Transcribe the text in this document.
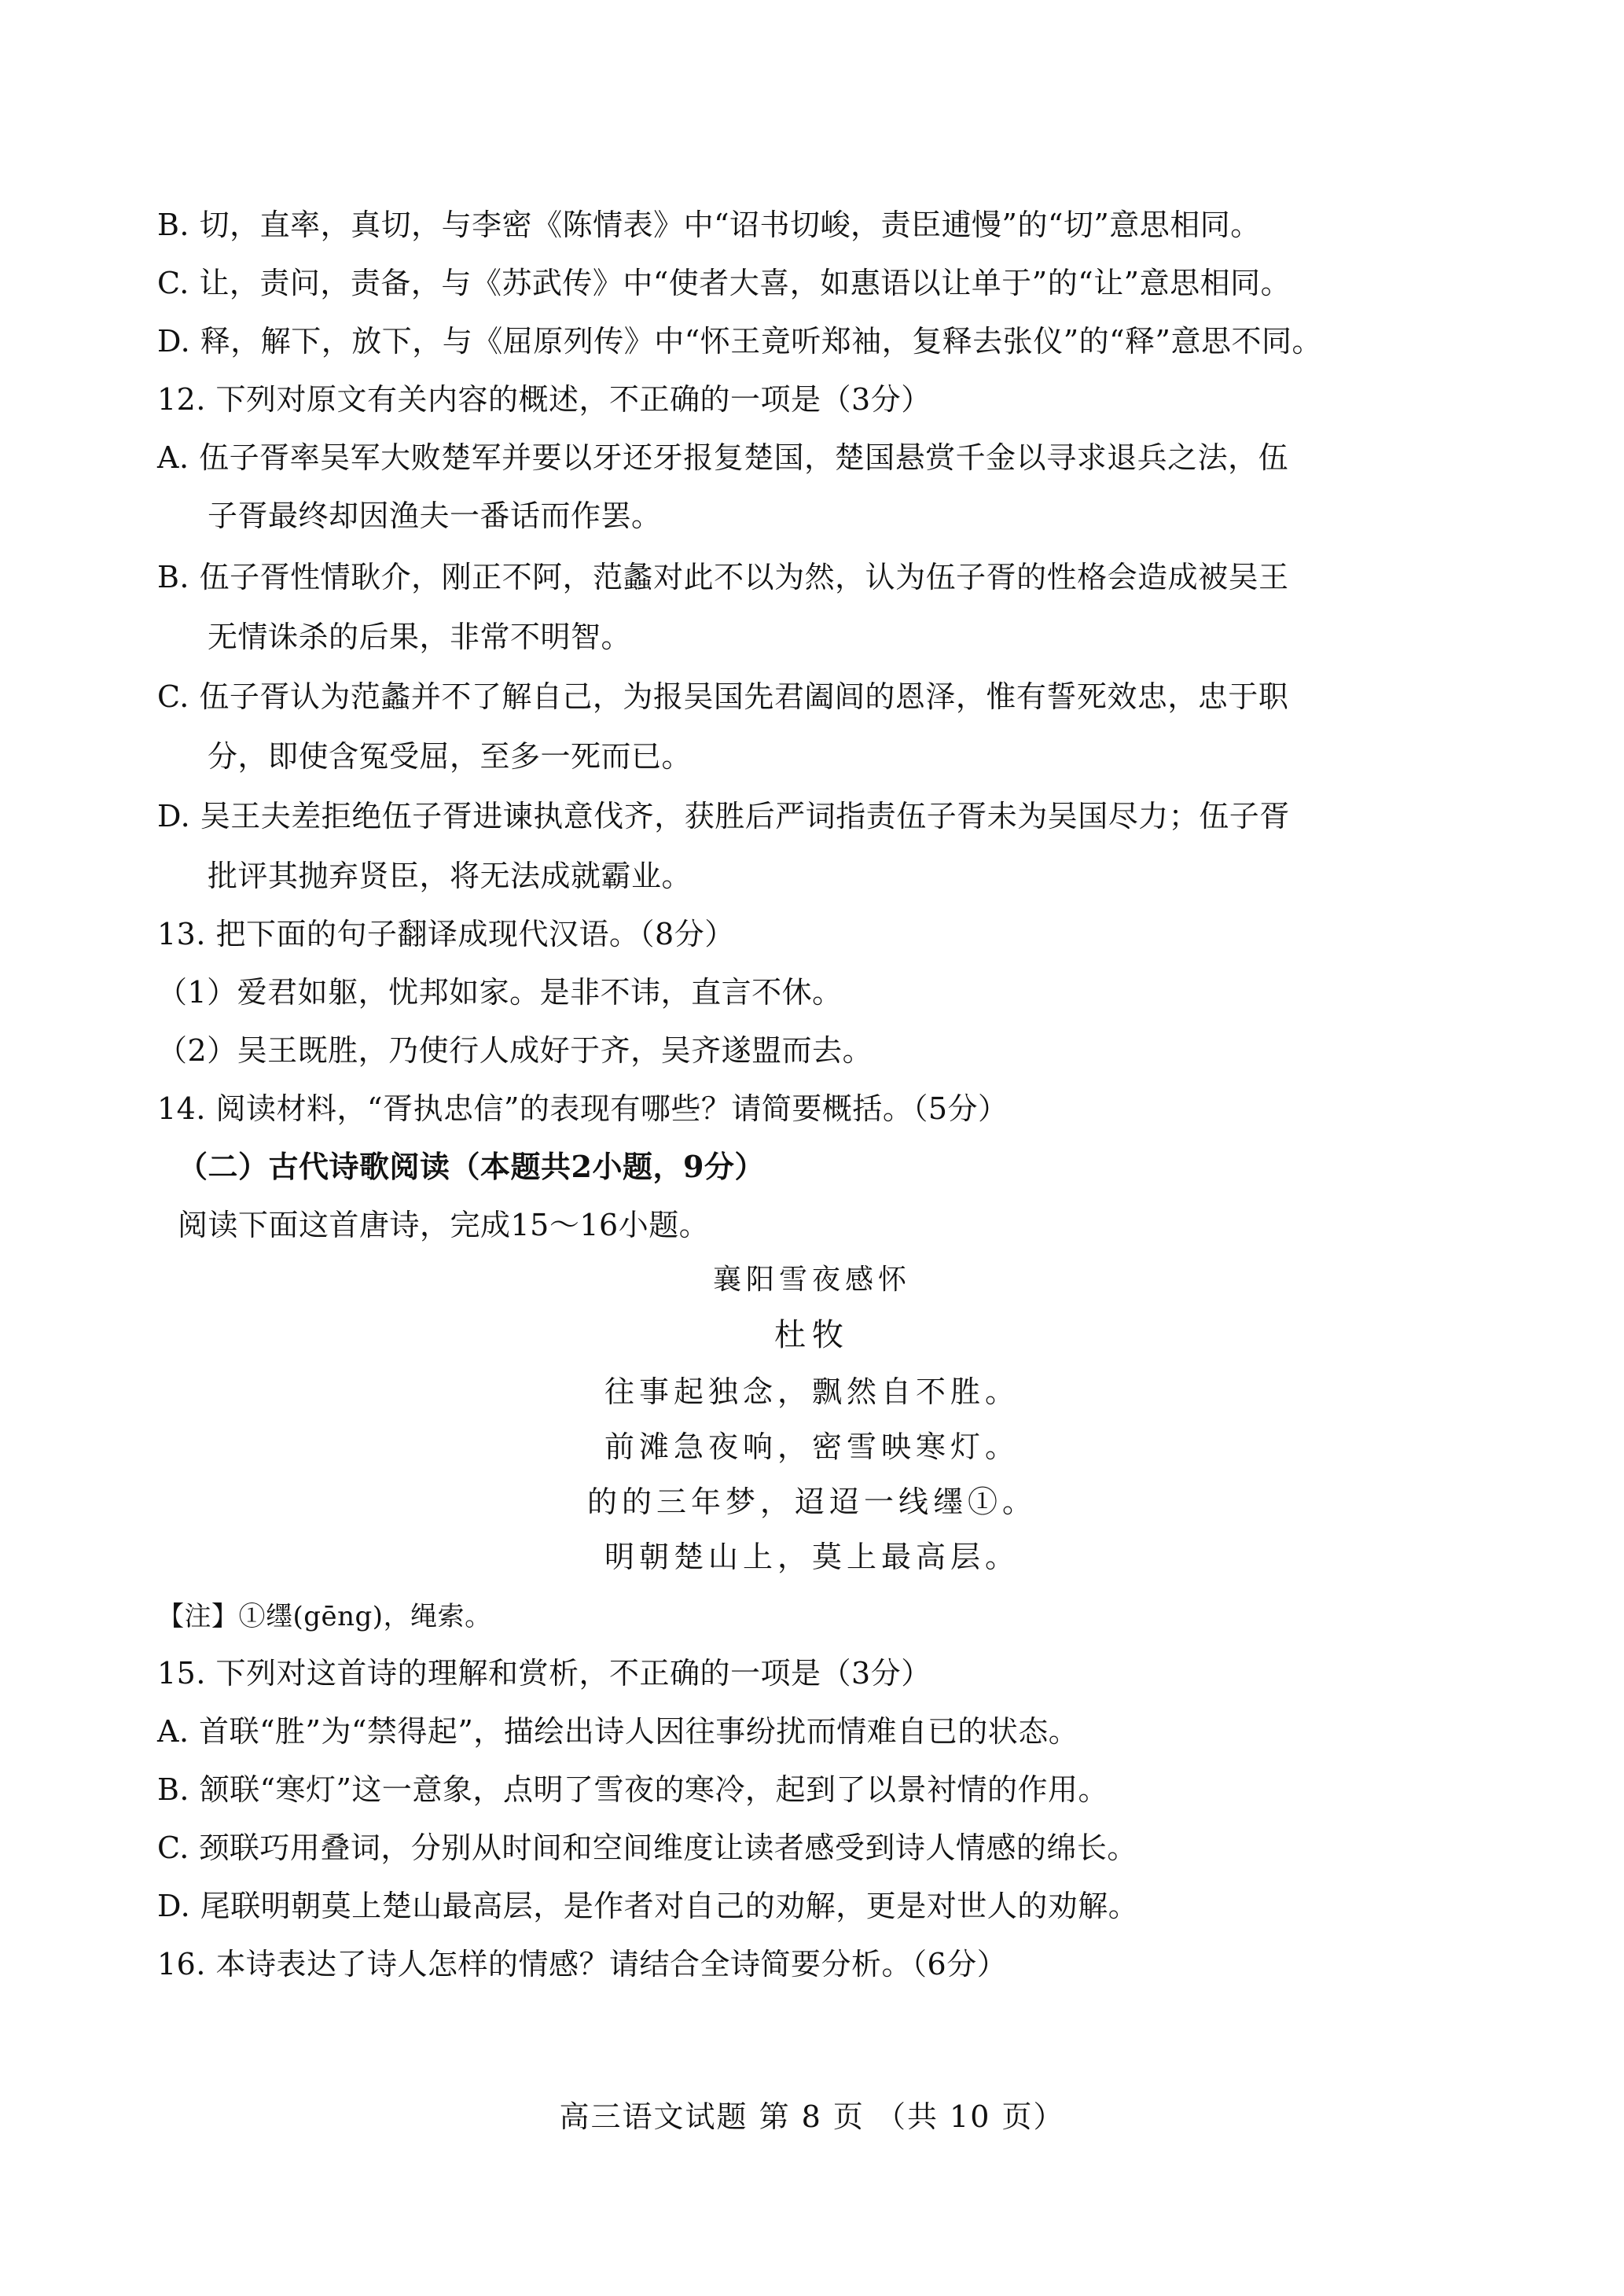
B. 切，直率，真切，与李密《陈情表》中“诏书切峻，责臣逋慢”的“切”意思相同。
C. 让，责问，责备，与《苏武传》中“使者大喜，如惠语以让单于”的“让”意思相同。
D. 释，解下，放下，与《屈原列传》中“怀王竟听郑袖，复释去张仪”的“释”意思不同。
12. 下列对原文有关内容的概述，不正确的一项是（3分）
A. 伍子胥率吴军大败楚军并要以牙还牙报复楚国，楚国悬赏千金以寻求退兵之法，伍
子胥最终却因渔夫一番话而作罢。
B. 伍子胥性情耿介，刚正不阿，范蠡对此不以为然，认为伍子胥的性格会造成被吴王
无情诛杀的后果，非常不明智。
C. 伍子胥认为范蠡并不了解自己，为报吴国先君阖闾的恩泽，惟有誓死效忠，忠于职
分，即使含冤受屈，至多一死而已。
D. 吴王夫差拒绝伍子胥进谏执意伐齐，获胜后严词指责伍子胥未为吴国尽力；伍子胥
批评其抛弃贤臣，将无法成就霸业。
13. 把下面的句子翻译成现代汉语。（8分）
（1）爱君如躯，忧邦如家。是非不讳，直言不休。
（2）吴王既胜，乃使行人成好于齐，吴齐遂盟而去。
14. 阅读材料，“胥执忠信”的表现有哪些？请简要概括。（5分）
（二）古代诗歌阅读（本题共2小题，9分）
阅读下面这首唐诗，完成15～16小题。
襄阳雪夜感怀
杜牧
往事起独念，飘然自不胜。
前滩急夜响，密雪映寒灯。
的的三年梦，迢迢一线𬙊①。
明朝楚山上，莫上最高层。
【注】①𬙊(gēng)，绳索。
15. 下列对这首诗的理解和赏析，不正确的一项是（3分）
A. 首联“胜”为“禁得起”，描绘出诗人因往事纷扰而情难自已的状态。
B. 颔联“寒灯”这一意象，点明了雪夜的寒冷，起到了以景衬情的作用。
C. 颈联巧用叠词，分别从时间和空间维度让读者感受到诗人情感的绵长。
D. 尾联明朝莫上楚山最高层，是作者对自己的劝解，更是对世人的劝解。
16. 本诗表达了诗人怎样的情感？请结合全诗简要分析。（6分）
高三语文试题 第 8 页 （共 10 页）
